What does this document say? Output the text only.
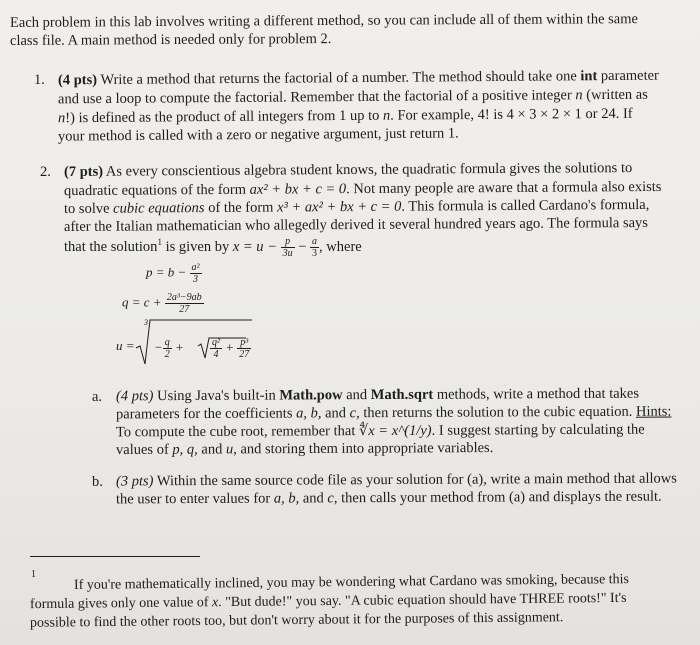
Each problem in this lab involves writing a different method, so you can include all of them within the same
class file. A main method is needed only for problem 2.
1. (4 pts) Write a method that returns the factorial of a number. The method should take one int parameter
and use a loop to compute the factorial. Remember that the factorial of a positive integer n (written as
n!) is defined as the product of all integers from 1 up to n. For example, 4! is 4 × 3 × 2 × 1 or 24. If
your method is called with a zero or negative argument, just return 1.
2. (7 pts) As every conscientious algebra student knows, the quadratic formula gives the solutions to
quadratic equations of the form ax² + bx + c = 0. Not many people are aware that a formula also exists
to solve cubic equations of the form x³ + ax² + bx + c = 0. This formula is called Cardano's formula,
after the Italian mathematician who allegedly derived it several hundred years ago. The formula says
that the solution$^1$ is given by $x = u - \frac{p}{3u} - \frac{a}{3}$ , where
$p = b - \frac{\text{a²}}{3}$
$q = c + \frac{\text{2a³−9ab}}{27}$
u =
3
− $\frac{q}{2}$ +	$\frac{\text{q²}}{4} + \frac{\text{p³}}{27}$
a. (4 pts) Using Java's built-in Math.pow and Math.sqrt methods, write a method that takes
parameters for the coefficients a, b, and c, then returns the solution to the cubic equation. Hints:
To compute the cube root, remember that ∜x = x^(1/y). I suggest starting by calculating the
values of p, q, and u, and storing them into appropriate variables.
b. (3 pts) Within the same source code file as your solution for (a), write a main method that allows
the user to enter values for a, b, and c, then calls your method from (a) and displays the result.
1	If you're mathematically inclined, you may be wondering what Cardano was smoking, because this
formula gives only one value of x. "But dude!" you say. "A cubic equation should have THREE roots!" It's
possible to find the other roots too, but don't worry about it for the purposes of this assignment.
